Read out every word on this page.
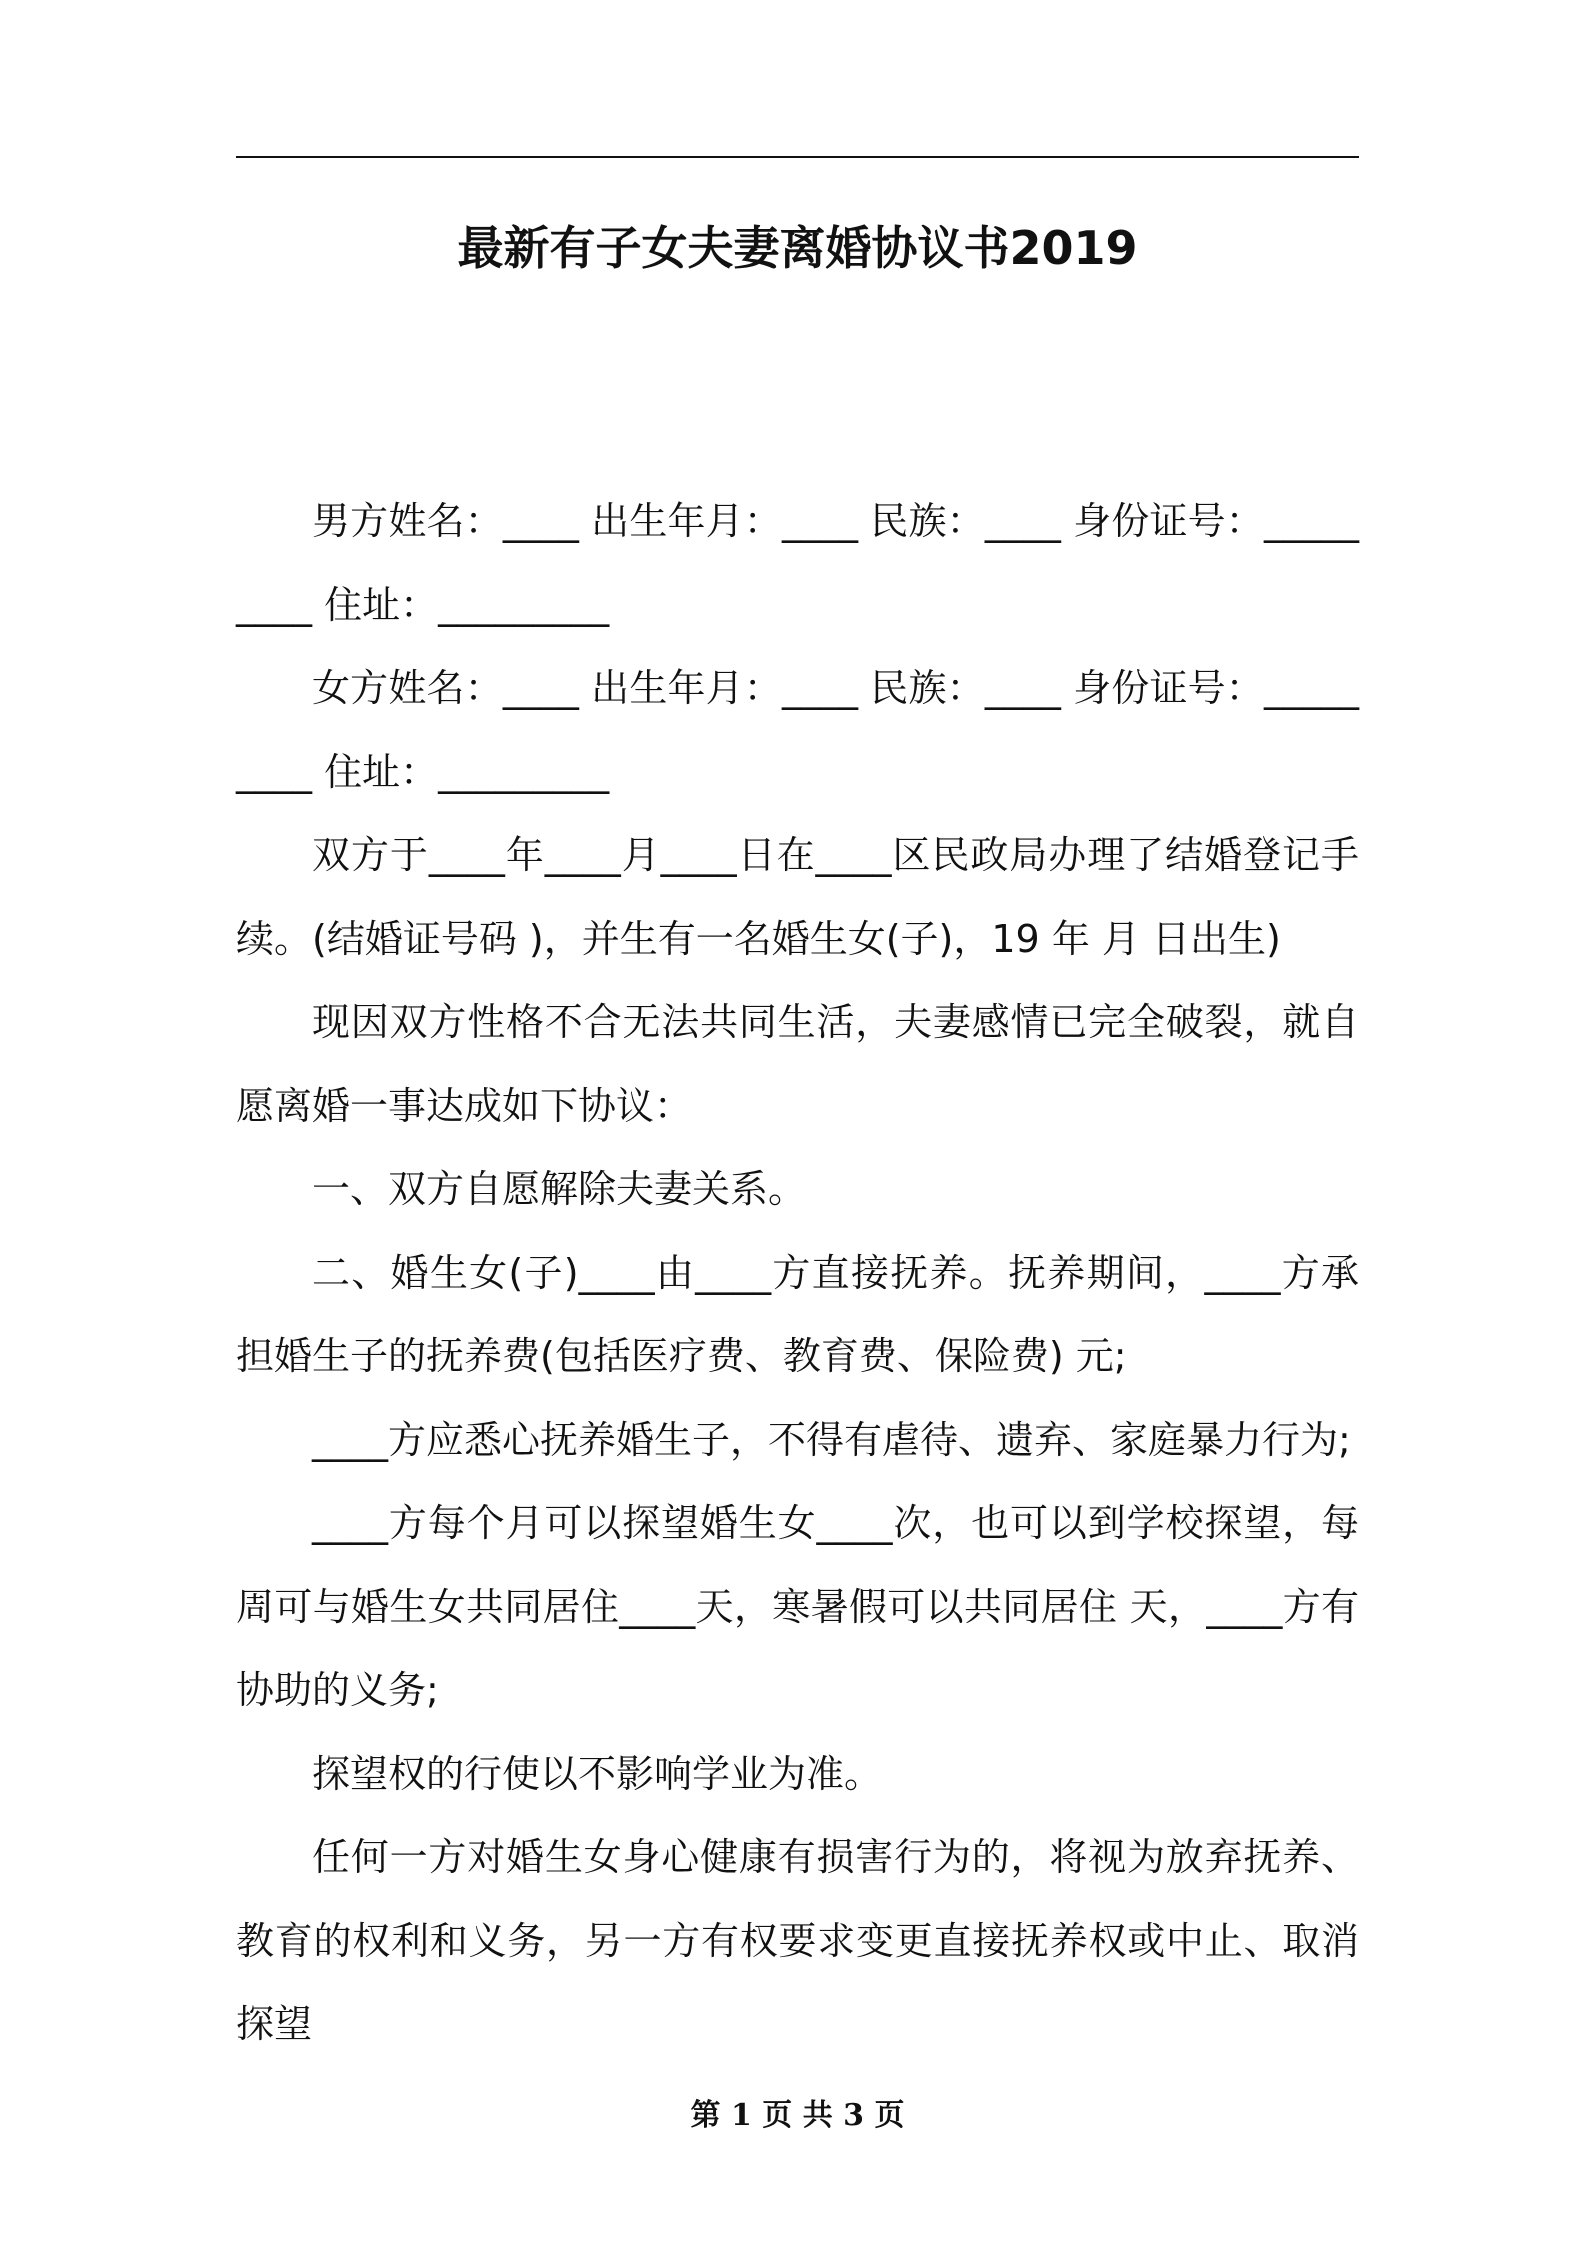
最新有子女夫妻离婚协议书2019

男方姓名：____ 出生年月：____ 民族：____ 身份证号：_________ 住址：_________

女方姓名：____ 出生年月：____ 民族：____ 身份证号：_________ 住址：_________

双方于____年____月____日在____区民政局办理了结婚登记手续。(结婚证号码 )，并生有一名婚生女(子)，19 年 月 日出生)

现因双方性格不合无法共同生活，夫妻感情已完全破裂，就自愿离婚一事达成如下协议：

一、双方自愿解除夫妻关系。

二、婚生女(子)____由____方直接抚养。抚养期间，____方承担婚生子的抚养费(包括医疗费、教育费、保险费) 元;

____方应悉心抚养婚生子，不得有虐待、遗弃、家庭暴力行为;

____方每个月可以探望婚生女____次，也可以到学校探望，每周可与婚生女共同居住____天，寒暑假可以共同居住 天，____方有协助的义务;

探望权的行使以不影响学业为准。

任何一方对婚生女身心健康有损害行为的，将视为放弃抚养、教育的权利和义务，另一方有权要求变更直接抚养权或中止、取消探望

第 1 页 共 3 页
